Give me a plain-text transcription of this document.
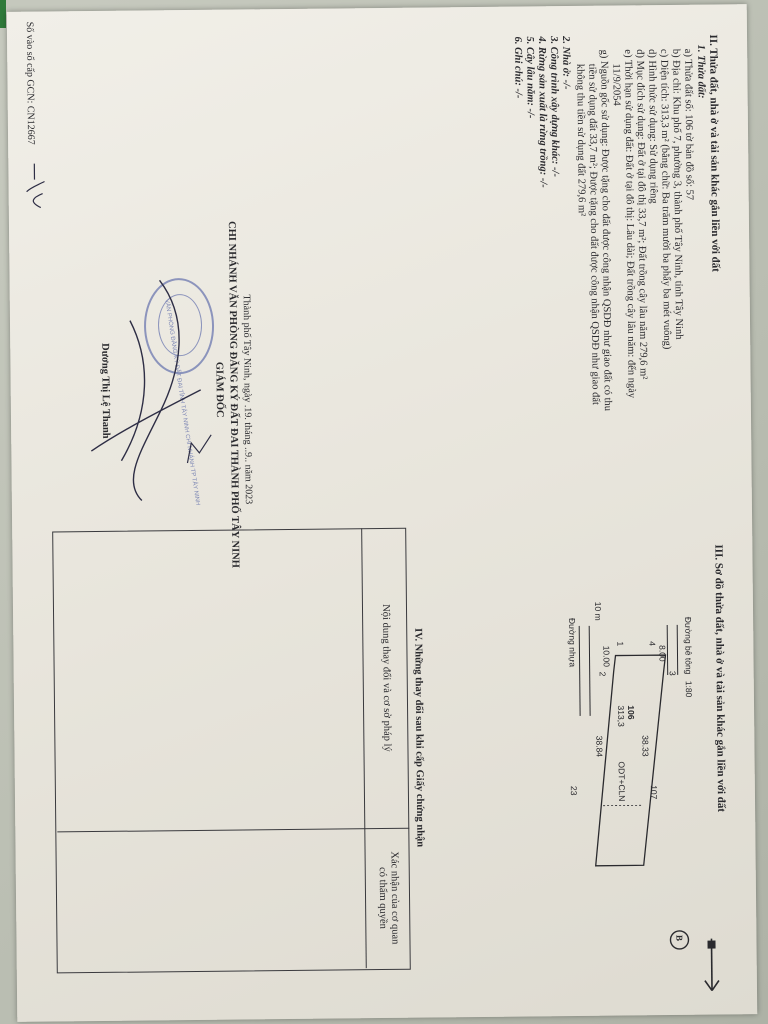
II. Thửa đất, nhà ở và tài sản khác gắn liền với đất
1. Thửa đất:
a) Thửa đất số: 106 tờ bản đồ số: 57
b) Địa chỉ: Khu phố 7, phường 3, thành phố Tây Ninh, tỉnh Tây Ninh
c) Diện tích: 313,3 m² (bằng chữ: Ba trăm mười ba phẩy ba mét vuông)
d) Hình thức sử dụng: Sử dụng riêng
đ) Mục đích sử dụng: Đất ở tại đô thị 33,7 m²; Đất trồng cây lâu năm 279,6 m²
e) Thời hạn sử dụng đất: Đất ở tại đô thị: Lâu dài; Đất trồng cây lâu năm: đến ngày
11/9/2054
g) Nguồn gốc sử dụng: Được tặng cho đất được công nhận QSDĐ như giao đất có thu
tiền sử dụng đất 33,7 m²; Được tặng cho đất được công nhận QSDĐ như giao đất
không thu tiền sử dụng đất 279,6 m²
2. Nhà ở: -/-
3. Công trình xây dựng khác: -/-
4. Rừng sản xuất là rừng trồng: -/-
5. Cây lâu năm: -/-
6. Ghi chú: -/-
Thành phố Tây Ninh, ngày .19. tháng ..9.. năm 2023
CHI NHÁNH VĂN PHÒNG ĐĂNG KÝ ĐẤT ĐAI THÀNH PHỐ TÂY NINH
GIÁM ĐỐC
VĂN PHÒNG ĐĂNG KÝ ĐẤT ĐAI TỈNH TÂY NINH CHI NHÁNH TP TÂY NINH
Dương Thị Lệ Thanh
Số vào sổ cấp GCN: CN12667
III. Sơ đồ thửa đất, nhà ở và tài sản khác gắn liền với đất
B
Đường bê tông
Đường nhựa	8.00
38.33
38.84
10.00
106
313,3
ODT+CLN	107
23
3
2
1	4
10 m
1:80
IV. Những thay đổi sau khi cấp Giấy chứng nhận
Nội dung thay đổi và cơ sở pháp lý
Xác nhận của cơ quan
có thẩm quyền
